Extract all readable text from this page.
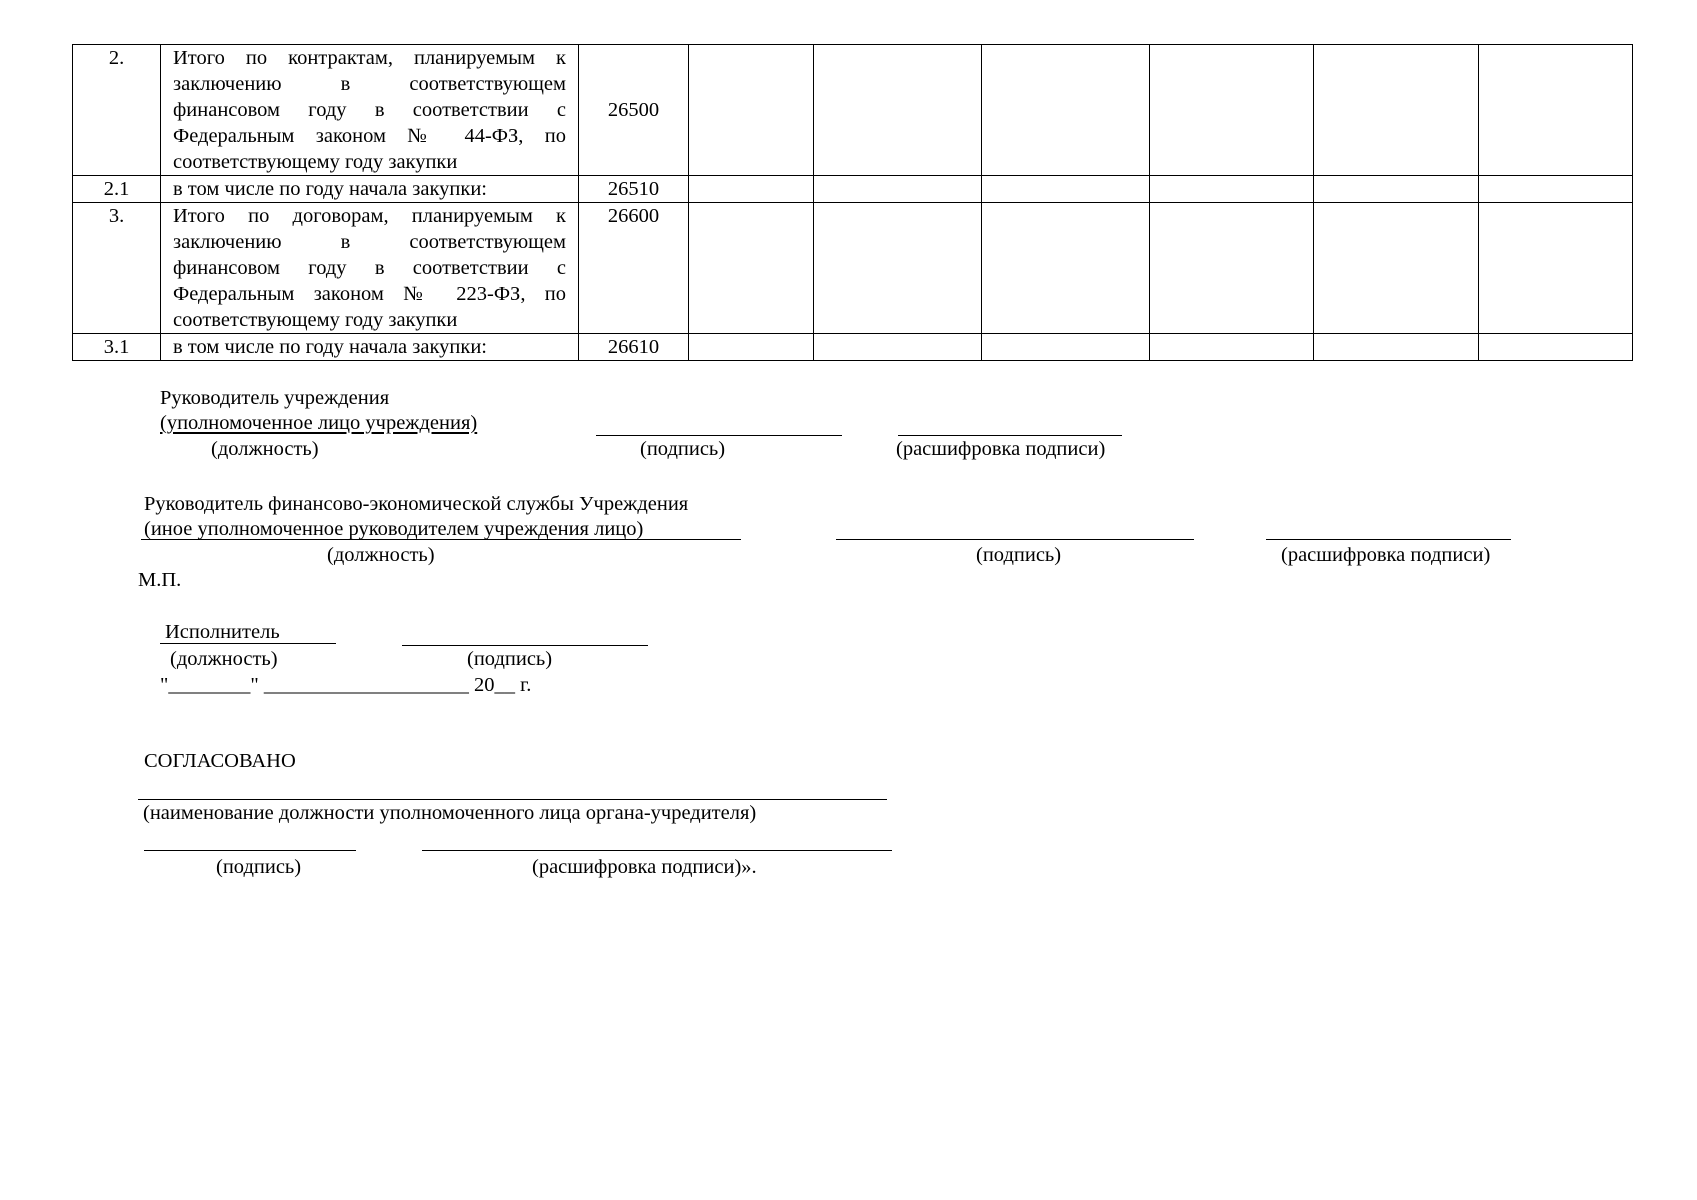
2.	Итого по контрактам, планируемым к
заключению в соответствующем
финансовом году в соответствии с
Федеральным законом № 44-ФЗ, по
соответствующему году закупки	26500						
2.1	в том числе по году начала закупки:	26510						
3.	Итого по договорам, планируемым к
заключению в соответствующем
финансовом году в соответствии с
Федеральным законом № 223-ФЗ, по
соответствующему году закупки	26600						
3.1	в том числе по году начала закупки:	26610						
Руководитель учреждения
(уполномоченное лицо учреждения)
(должность)	(подпись)	(расшифровка подписи)
Руководитель финансово-экономической службы Учреждения
(иное уполномоченное руководителем учреждения лицо)
(должность)	(подпись)	(расшифровка подписи)
М.П.
Исполнитель
(должность)	(подпись)
"________" ____________________ 20__ г.
СОГЛАСОВАНО
(наименование должности уполномоченного лица органа-учредителя)
(подпись)	(расшифровка подписи)».
